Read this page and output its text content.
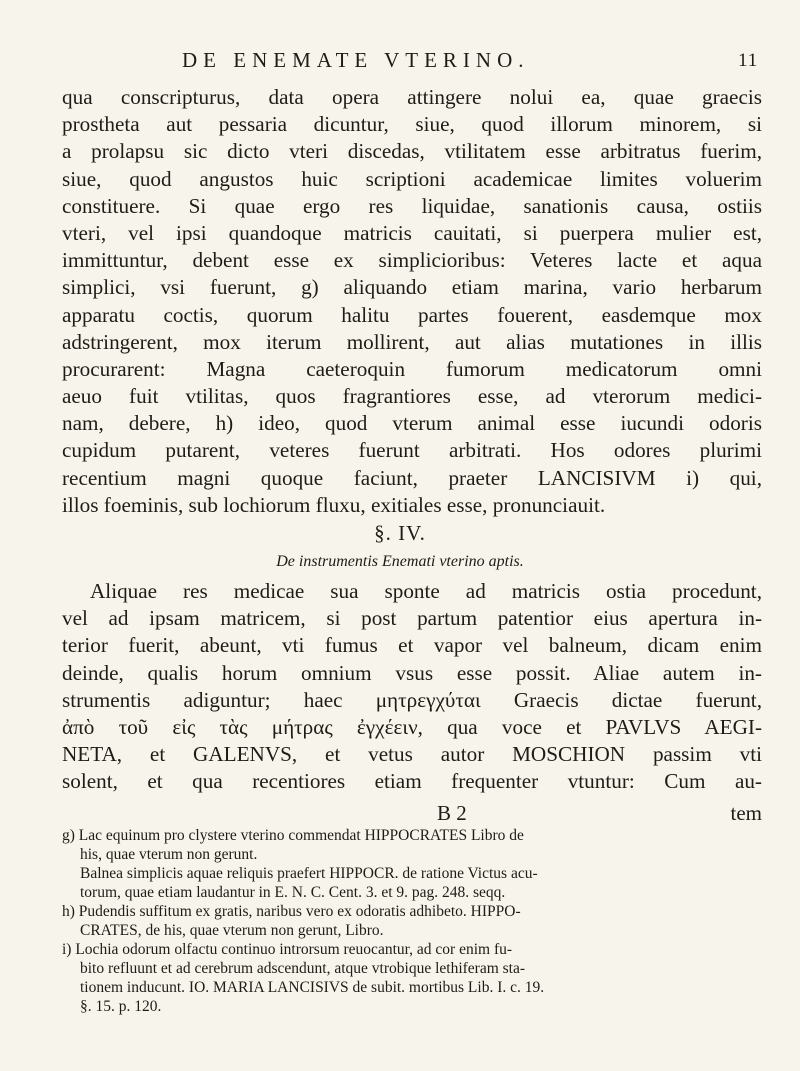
DE ENEMATE VTERINO.	11
qua conscripturus, data opera attingere nolui ea, quae graecis
prostheta aut pessaria dicuntur, siue, quod illorum minorem, si
a prolapsu sic dicto vteri discedas, vtilitatem esse arbitratus fuerim,
siue, quod angustos huic scriptioni academicae limites voluerim
constituere. Si quae ergo res liquidae, sanationis causa, ostiis
vteri, vel ipsi quandoque matricis cauitati, si puerpera mulier est,
immittuntur, debent esse ex simplicioribus: Veteres lacte et aqua
simplici, vsi fuerunt, g) aliquando etiam marina, vario herbarum
apparatu coctis, quorum halitu partes fouerent, easdemque mox
adstringerent, mox iterum mollirent, aut alias mutationes in illis
procurarent: Magna caeteroquin fumorum medicatorum omni
aeuo fuit vtilitas, quos fragrantiores esse, ad vterorum medici-
nam, debere, h) ideo, quod vterum animal esse iucundi odoris
cupidum putarent, veteres fuerunt arbitrati. Hos odores plurimi
recentium magni quoque faciunt, praeter LANCISIVM i) qui,
illos foeminis, sub lochiorum fluxu, exitiales esse, pronunciauit.
§. IV.
De instrumentis Enemati vterino aptis.
Aliquae res medicae sua sponte ad matricis ostia procedunt,
vel ad ipsam matricem, si post partum patentior eius apertura in-
terior fuerit, abeunt, vti fumus et vapor vel balneum, dicam enim
deinde, qualis horum omnium vsus esse possit. Aliae autem in-
strumentis adiguntur; haec μητρεγχύται Graecis dictae fuerunt,
ἀπὸ τοῦ εἰς τὰς μήτρας ἐγχέειν, qua voce et PAVLVS AEGI-
NETA, et GALENVS, et vetus autor MOSCHION passim vti
solent, et qua recentiores etiam frequenter vtuntur: Cum au-
B 2	tem
g) Lac equinum pro clystere vterino commendat HIPPOCRATES Libro de
his, quae vterum non gerunt.
Balnea simplicis aquae reliquis praefert HIPPOCR. de ratione Victus acu-
torum, quae etiam laudantur in E. N. C. Cent. 3. et 9. pag. 248. seqq.
h) Pudendis suffitum ex gratis, naribus vero ex odoratis adhibeto. HIPPO-
CRATES, de his, quae vterum non gerunt, Libro.
i) Lochia odorum olfactu continuo introrsum reuocantur, ad cor enim fu-
bito refluunt et ad cerebrum adscendunt, atque vtrobique lethiferam sta-
tionem inducunt. IO. MARIA LANCISIVS de subit. mortibus Lib. I. c. 19.
§. 15. p. 120.
